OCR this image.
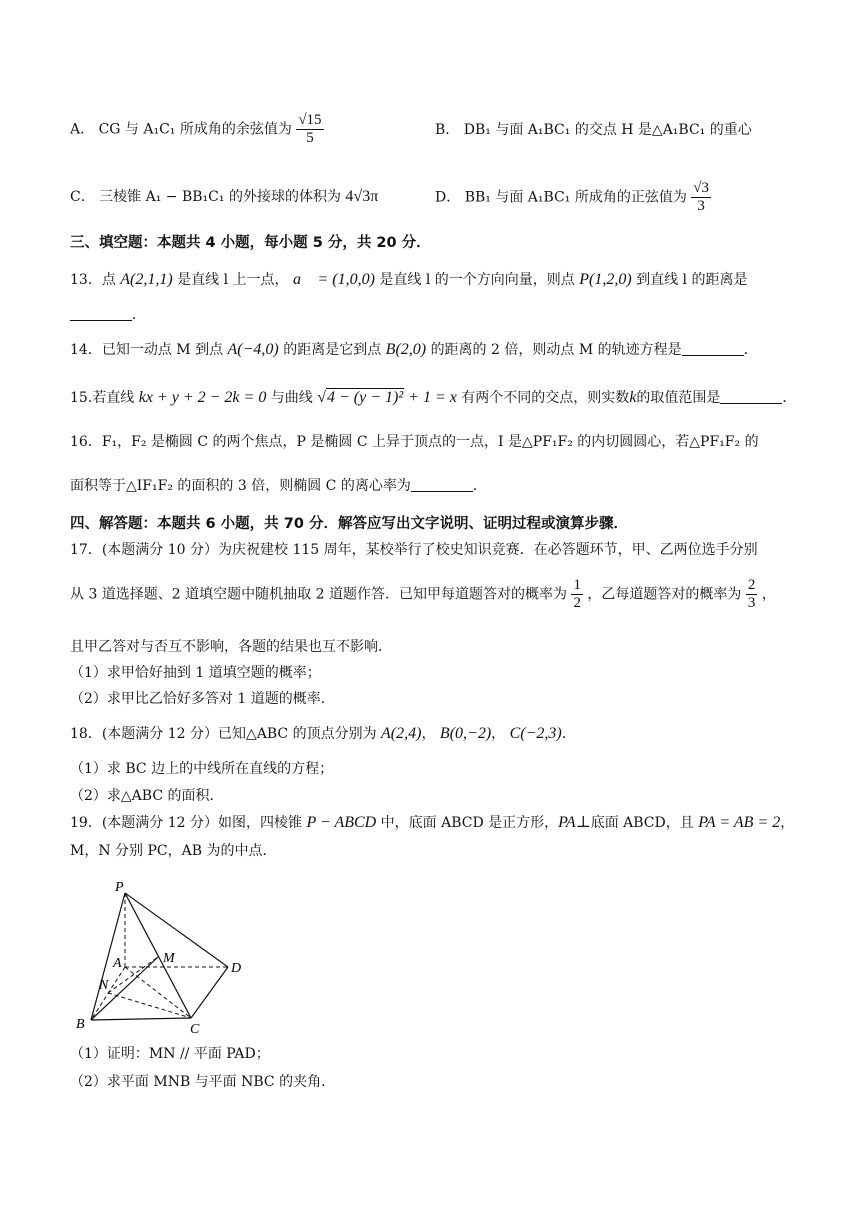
A． CG 与 A₁C₁ 所成角的余弦值为 $\frac{√15}{5}$	B． DB₁ 与面 A₁BC₁ 的交点 H 是△A₁BC₁ 的重心
C． 三棱锥 A₁ − BB₁C₁ 的外接球的体积为 4√3π	D． BB₁ 与面 A₁BC₁ 所成角的正弦值为 $\frac{√3}{3}$
三、填空题：本题共 4 小题，每小题 5 分，共 20 分．
13．点 A(2,1,1) 是直线 l 上一点， a⃗ = (1,0,0) 是直线 l 的一个方向向量，则点 P(1,2,0) 到直线 l 的距离是
．
14．已知一动点 M 到点 A(−4,0) 的距离是它到点 B(2,0) 的距离的 2 倍，则动点 M 的轨迹方程是	．
15.若直线 kx + y + 2 − 2k = 0 与曲线 √4 − (y − 1)² + 1 = x 有两个不同的交点，则实数k的取值范围是	．
16．F₁，F₂ 是椭圆 C 的两个焦点，P 是椭圆 C 上异于顶点的一点，I 是△PF₁F₂ 的内切圆圆心，若△PF₁F₂ 的
面积等于△IF₁F₂ 的面积的 3 倍，则椭圆 C 的离心率为	．
四、解答题：本题共 6 小题，共 70 分．解答应写出文字说明、证明过程或演算步骤．
17．(本题满分 10 分）为庆祝建校 115 周年，某校举行了校史知识竞赛．在必答题环节，甲、乙两位选手分别
从 3 道选择题、2 道填空题中随机抽取 2 道题作答．已知甲每道题答对的概率为 $\frac{1}{2}$ ，乙每道题答对的概率为 $\frac{2}{3}$ ，
且甲乙答对与否互不影响，各题的结果也互不影响．
（1）求甲恰好抽到 1 道填空题的概率；
（2）求甲比乙恰好多答对 1 道题的概率．
18．(本题满分 12 分）已知△ABC 的顶点分别为 A(2,4)， B(0,−2)， C(−2,3)．
（1）求 BC 边上的中线所在直线的方程；
（2）求△ABC 的面积．
19．(本题满分 12 分）如图，四棱锥 P − ABCD 中，底面 ABCD 是正方形，PA⊥底面 ABCD，且 PA = AB = 2，
M，N 分别 PC，AB 为的中点．
P
A	M
D
N
B	C
（1）证明：MN // 平面 PAD；
（2）求平面 MNB 与平面 NBC 的夹角．
